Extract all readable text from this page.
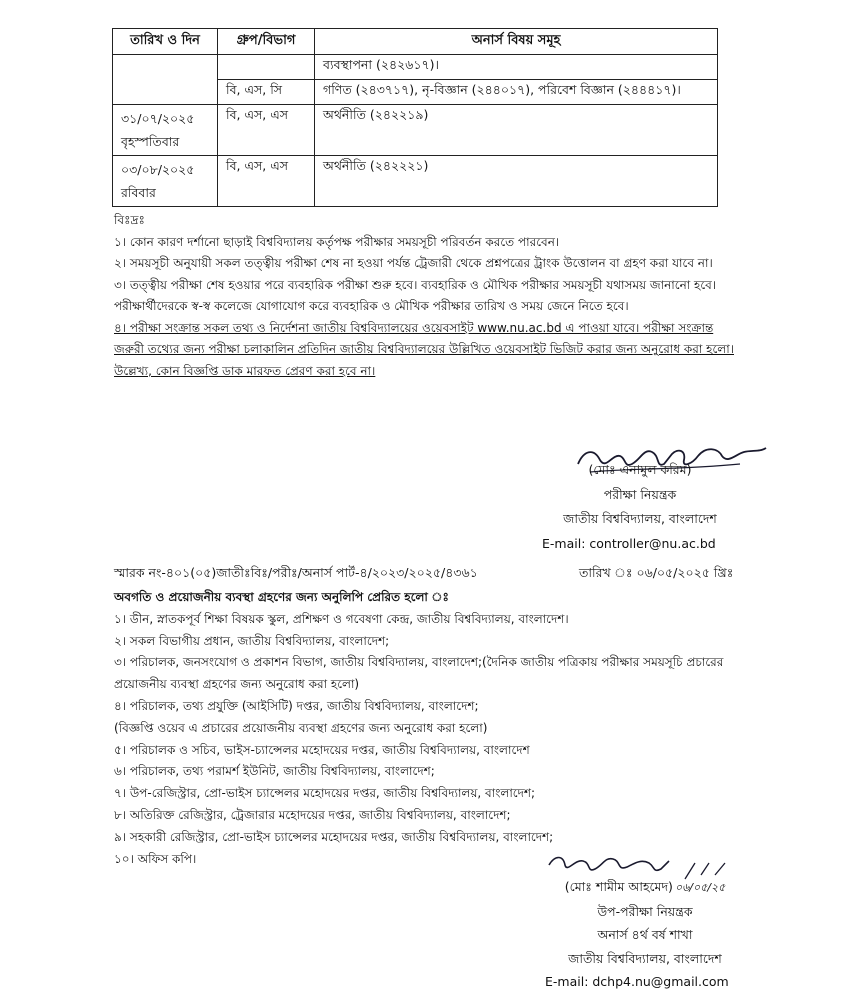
তারিখ ও দিন	গ্রুপ/বিভাগ	অনার্স বিষয় সমূহ

		ব্যবস্থাপনা (২৪২৬১৭)।
	বি, এস, সি	গণিত (২৪৩৭১৭), নৃ-বিজ্ঞান (২৪৪০১৭), পরিবেশ বিজ্ঞান (২৪৪৪১৭)।

৩১/০৭/২০২৫
বৃহস্পতিবার	বি, এস, এস	অর্থনীতি (২৪২২১৯)

০৩/০৮/২০২৫
রবিবার	বি, এস, এস	অর্থনীতি (২৪২২২১)

বিঃদ্রঃ

১। কোন কারণ দর্শানো ছাড়াই বিশ্ববিদ্যালয় কর্তৃপক্ষ পরীক্ষার সময়সূচী পরিবর্তন করতে পারবেন।

২। সময়সূচী অনুযায়ী সকল তত্ত্বীয় পরীক্ষা শেষ না হওয়া পর্যন্ত ট্রেজারী থেকে প্রশ্নপত্রের ট্রাংক উত্তোলন বা গ্রহণ করা যাবে না।

৩। তত্ত্বীয় পরীক্ষা শেষ হওয়ার পরে ব্যবহারিক পরীক্ষা শুরু হবে। ব্যবহারিক ও মৌখিক পরীক্ষার সময়সূচী যথাসময় জানানো হবে।

পরীক্ষার্থীদেরকে স্ব-স্ব কলেজে যোগাযোগ করে ব্যবহারিক ও মৌখিক পরীক্ষার তারিখ ও সময় জেনে নিতে হবে।

৪। পরীক্ষা সংক্রান্ত সকল তথ্য ও নির্দেশনা জাতীয় বিশ্ববিদ্যালয়ের ওয়েবসাইট www.nu.ac.bd এ পাওয়া যাবে। পরীক্ষা সংক্রান্ত

জরুরী তথ্যের জন্য পরীক্ষা চলাকালিন প্রতিদিন জাতীয় বিশ্ববিদ্যালয়ের উল্লিখিত ওয়েবসাইট ভিজিট করার জন্য অনুরোধ করা হলো।

উল্লেখ্য, কোন বিজ্ঞপ্তি ডাক মারফত প্রেরণ করা হবে না।

(মোঃ এনামুল করিম)
পরীক্ষা নিয়ন্ত্রক
জাতীয় বিশ্ববিদ্যালয়, বাংলাদেশ
E-mail: controller@nu.ac.bd
স্মারক নং-৪০১(০৫)জাতীঃবিঃ/পরীঃ/অনার্স পার্ট-৪/২০২৩/২০২৫/৪৩৬১	তারিখ ঃ ০৬/০৫/২০২৫ খ্রিঃ

অবগতি ও প্রয়োজনীয় ব্যবস্থা গ্রহণের জন্য অনুলিপি প্রেরিত হলো ঃ

১। ডীন, স্নাতকপূর্ব শিক্ষা বিষয়ক স্কুল, প্রশিক্ষণ ও গবেষণা কেন্দ্র, জাতীয় বিশ্ববিদ্যালয়, বাংলাদেশ।

২। সকল বিভাগীয় প্রধান, জাতীয় বিশ্ববিদ্যালয়, বাংলাদেশ;

৩। পরিচালক, জনসংযোগ ও প্রকাশন বিভাগ, জাতীয় বিশ্ববিদ্যালয়, বাংলাদেশ;(দৈনিক জাতীয় পত্রিকায় পরীক্ষার সময়সূচি প্রচারের

প্রয়োজনীয় ব্যবস্থা গ্রহণের জন্য অনুরোধ করা হলো)

৪। পরিচালক, তথ্য প্রযুক্তি (আইসিটি) দপ্তর, জাতীয় বিশ্ববিদ্যালয়, বাংলাদেশ;

(বিজ্ঞপ্তি ওয়েব এ প্রচারের প্রয়োজনীয় ব্যবস্থা গ্রহণের জন্য অনুরোধ করা হলো)

৫। পরিচালক ও সচিব, ভাইস-চ্যান্সেলর মহোদয়ের দপ্তর, জাতীয় বিশ্ববিদ্যালয়, বাংলাদেশ

৬। পরিচালক, তথ্য পরামর্শ ইউনিট, জাতীয় বিশ্ববিদ্যালয়, বাংলাদেশ;

৭। উপ-রেজিস্ট্রার, প্রো-ভাইস চ্যান্সেলর মহোদয়ের দপ্তর, জাতীয় বিশ্ববিদ্যালয়, বাংলাদেশ;

৮। অতিরিক্ত রেজিস্ট্রার, ট্রেজারার মহোদয়ের দপ্তর, জাতীয় বিশ্ববিদ্যালয়, বাংলাদেশ;

৯। সহকারী রেজিস্ট্রার, প্রো-ভাইস চ্যান্সেলর মহোদয়ের দপ্তর, জাতীয় বিশ্ববিদ্যালয়, বাংলাদেশ;

১০। অফিস কপি।

(মোঃ শামীম আহমেদ) ০৬/০৫/২৫
উপ-পরীক্ষা নিয়ন্ত্রক
অনার্স ৪র্থ বর্ষ শাখা
জাতীয় বিশ্ববিদ্যালয়, বাংলাদেশ
E-mail: dchp4.nu@gmail.com
